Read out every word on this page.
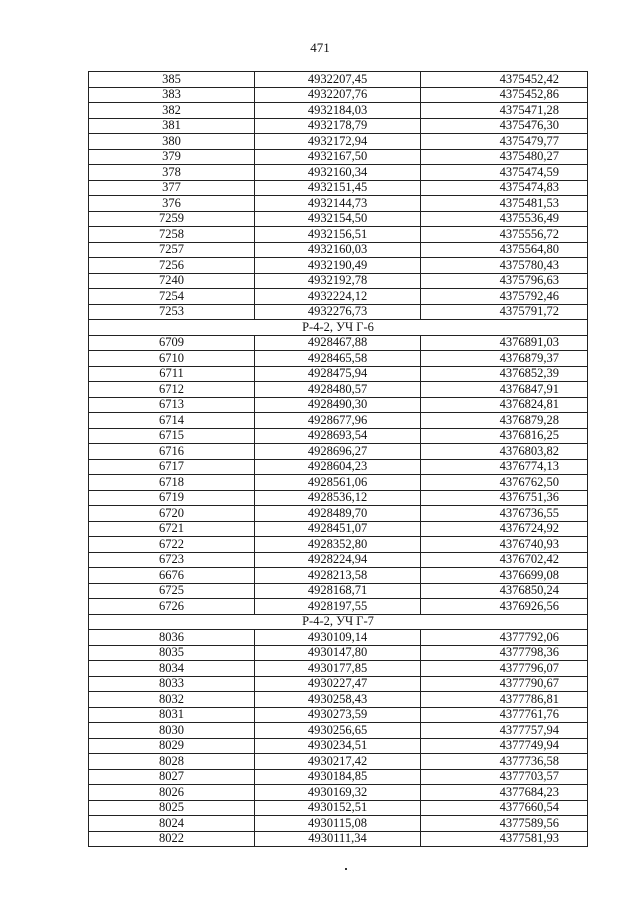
471
385	4932207,45	4375452,42
383	4932207,76	4375452,86
382	4932184,03	4375471,28
381	4932178,79	4375476,30
380	4932172,94	4375479,77
379	4932167,50	4375480,27
378	4932160,34	4375474,59
377	4932151,45	4375474,83
376	4932144,73	4375481,53
7259	4932154,50	4375536,49
7258	4932156,51	4375556,72
7257	4932160,03	4375564,80
7256	4932190,49	4375780,43
7240	4932192,78	4375796,63
7254	4932224,12	4375792,46
7253	4932276,73	4375791,72
P-4-2, УЧ Г-6		
6709	4928467,88	4376891,03
6710	4928465,58	4376879,37
6711	4928475,94	4376852,39
6712	4928480,57	4376847,91
6713	4928490,30	4376824,81
6714	4928677,96	4376879,28
6715	4928693,54	4376816,25
6716	4928696,27	4376803,82
6717	4928604,23	4376774,13
6718	4928561,06	4376762,50
6719	4928536,12	4376751,36
6720	4928489,70	4376736,55
6721	4928451,07	4376724,92
6722	4928352,80	4376740,93
6723	4928224,94	4376702,42
6676	4928213,58	4376699,08
6725	4928168,71	4376850,24
6726	4928197,55	4376926,56
P-4-2, УЧ Г-7		
8036	4930109,14	4377792,06
8035	4930147,80	4377798,36
8034	4930177,85	4377796,07
8033	4930227,47	4377790,67
8032	4930258,43	4377786,81
8031	4930273,59	4377761,76
8030	4930256,65	4377757,94
8029	4930234,51	4377749,94
8028	4930217,42	4377736,58
8027	4930184,85	4377703,57
8026	4930169,32	4377684,23
8025	4930152,51	4377660,54
8024	4930115,08	4377589,56
8022	4930111,34	4377581,93
